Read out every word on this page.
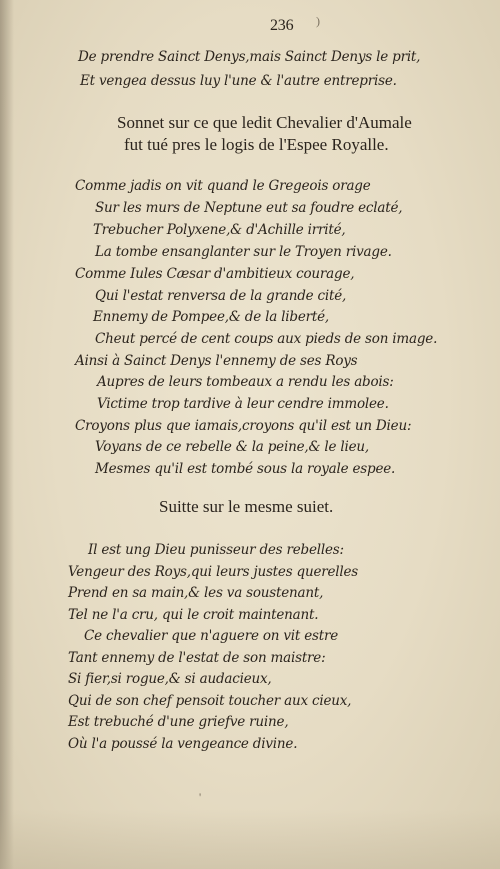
236 )
De prendre Sainct Denys,mais Sainct Denys le prit,
Et vengea dessus luy l'une & l'autre entreprise.
Sonnet sur ce que ledit Chevalier d'Aumale
fut tué pres le logis de l'Espee Royalle.
Comme jadis on vit quand le Gregeois orage
Sur les murs de Neptune eut sa foudre eclaté,
Trebucher Polyxene,& d'Achille irrité,
La tombe ensanglanter sur le Troyen rivage.
Comme Iules Cæsar d'ambitieux courage,
Qui l'estat renversa de la grande cité,
Ennemy de Pompee,& de la liberté,
Cheut percé de cent coups aux pieds de son image.
Ainsi à Sainct Denys l'ennemy de ses Roys
Aupres de leurs tombeaux a rendu les abois:
Victime trop tardive à leur cendre immolee.
Croyons plus que iamais,croyons qu'il est un Dieu:
Voyans de ce rebelle & la peine,& le lieu,
Mesmes qu'il est tombé sous la royale espee.
Suitte sur le mesme suiet.
Il est ung Dieu punisseur des rebelles:
Vengeur des Roys,qui leurs justes querelles
Prend en sa main,& les va soustenant,
Tel ne l'a cru, qui le croit maintenant.
Ce chevalier que n'aguere on vit estre
Tant ennemy de l'estat de son maistre:
Si fier,si rogue,& si audacieux,
Qui de son chef pensoit toucher aux cieux,
Est trebuché d'une griefve ruine,
Où l'a poussé la vengeance divine.
'
